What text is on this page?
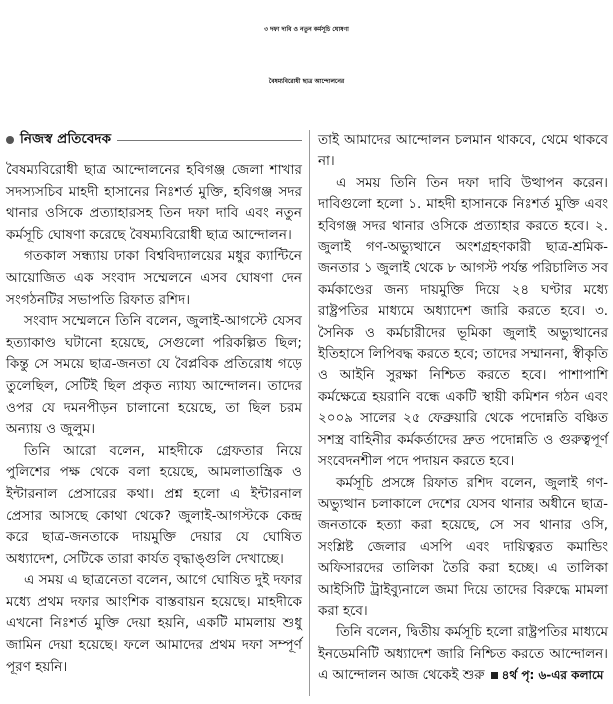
৩ দফা দাবি ও নতুন কর্মসূচি ঘোষণা
বৈষম্যবিরোধী ছাত্র আন্দোলনের
নিজস্ব প্রতিবেদক

বৈষম্যবিরোধী ছাত্র আন্দোলনের হবিগঞ্জ জেলা শাখার সদস্যসচিব মাহদী হাসানের নিঃশর্ত মুক্তি, হবিগঞ্জ সদর থানার ওসিকে প্রত্যাহারসহ তিন দফা দাবি এবং নতুন কর্মসূচি ঘোষণা করেছে বৈষম্যবিরোধী ছাত্র আন্দোলন।

গতকাল সন্ধ্যায় ঢাকা বিশ্ববিদ্যালয়ের মধুর ক্যান্টিনে আয়োজিত এক সংবাদ সম্মেলনে এসব ঘোষণা দেন সংগঠনটির সভাপতি রিফাত রশিদ।

সংবাদ সম্মেলনে তিনি বলেন, জুলাই-আগস্টে যেসব হত্যাকাণ্ড ঘটানো হয়েছে, সেগুলো পরিকল্পিত ছিল; কিন্তু সে সময়ে ছাত্র-জনতা যে বৈপ্লবিক প্রতিরোধ গড়ে তুলেছিল, সেটিই ছিল প্রকৃত ন্যায্য আন্দোলন। তাদের ওপর যে দমনপীড়ন চালানো হয়েছে, তা ছিল চরম অন্যায় ও জুলুম।

তিনি আরো বলেন, মাহদীকে গ্রেফতার নিয়ে পুলিশের পক্ষ থেকে বলা হয়েছে, আমলাতান্ত্রিক ও ইন্টারনাল প্রেসারের কথা। প্রশ্ন হলো এ ইন্টারনাল প্রেসার আসছে কোথা থেকে? জুলাই-আগস্টকে কেন্দ্র করে ছাত্র-জনতাকে দায়মুক্তি দেয়ার যে ঘোষিত অধ্যাদেশ, সেটিকে তারা কার্যত বৃদ্ধাঙ্গুলি দেখাচ্ছে।

এ সময় এ ছাত্রনেতা বলেন, আগে ঘোষিত দুই দফার মধ্যে প্রথম দফার আংশিক বাস্তবায়ন হয়েছে। মাহদীকে এখনো নিঃশর্ত মুক্তি দেয়া হয়নি, একটি মামলায় শুধু জামিন দেয়া হয়েছে। ফলে আমাদের প্রথম দফা সম্পূর্ণ পূরণ হয়নি।

তাই আমাদের আন্দোলন চলমান থাকবে, থেমে থাকবে না।

এ সময় তিনি তিন দফা দাবি উত্থাপন করেন। দাবিগুলো হলো ১. মাহদী হাসানকে নিঃশর্ত মুক্তি এবং হবিগঞ্জ সদর থানার ওসিকে প্রত্যাহার করতে হবে। ২. জুলাই গণ-অভ্যুত্থানে অংশগ্রহণকারী ছাত্র-শ্রমিক-জনতার ১ জুলাই থেকে ৮ আগস্ট পর্যন্ত পরিচালিত সব কর্মকাণ্ডের জন্য দায়মুক্তি দিয়ে ২৪ ঘণ্টার মধ্যে রাষ্ট্রপতির মাধ্যমে অধ্যাদেশ জারি করতে হবে। ৩. সৈনিক ও কর্মচারীদের ভূমিকা জুলাই অভ্যুত্থানের ইতিহাসে লিপিবদ্ধ করতে হবে; তাদের সম্মাননা, স্বীকৃতি ও আইনি সুরক্ষা নিশ্চিত করতে হবে। পাশাপাশি কর্মক্ষেত্রে হয়রানি বন্ধে একটি স্থায়ী কমিশন গঠন এবং ২০০৯ সালের ২৫ ফেব্রুয়ারি থেকে পদোন্নতি বঞ্চিত সশস্ত্র বাহিনীর কর্মকর্তাদের দ্রুত পদোন্নতি ও গুরুত্বপূর্ণ সংবেদনশীল পদে পদায়ন করতে হবে।

কর্মসূচি প্রসঙ্গে রিফাত রশিদ বলেন, জুলাই গণ-অভ্যুত্থান চলাকালে দেশের যেসব থানার অধীনে ছাত্র-জনতাকে হত্যা করা হয়েছে, সে সব থানার ওসি, সংশ্লিষ্ট জেলার এসপি এবং দায়িত্বরত কমান্ডিং অফিসারদের তালিকা তৈরি করা হচ্ছে। এ তালিকা আইসিটি ট্রাইব্যুনালে জমা দিয়ে তাদের বিরুদ্ধে মামলা করা হবে।

তিনি বলেন, দ্বিতীয় কর্মসূচি হলো রাষ্ট্রপতির মাধ্যমে ইনডেমনিটি অধ্যাদেশ জারি নিশ্চিত করতে আন্দোলন। এ আন্দোলন আজ থেকেই শুরু ৪র্থ পৃ: ৬-এর কলামে
